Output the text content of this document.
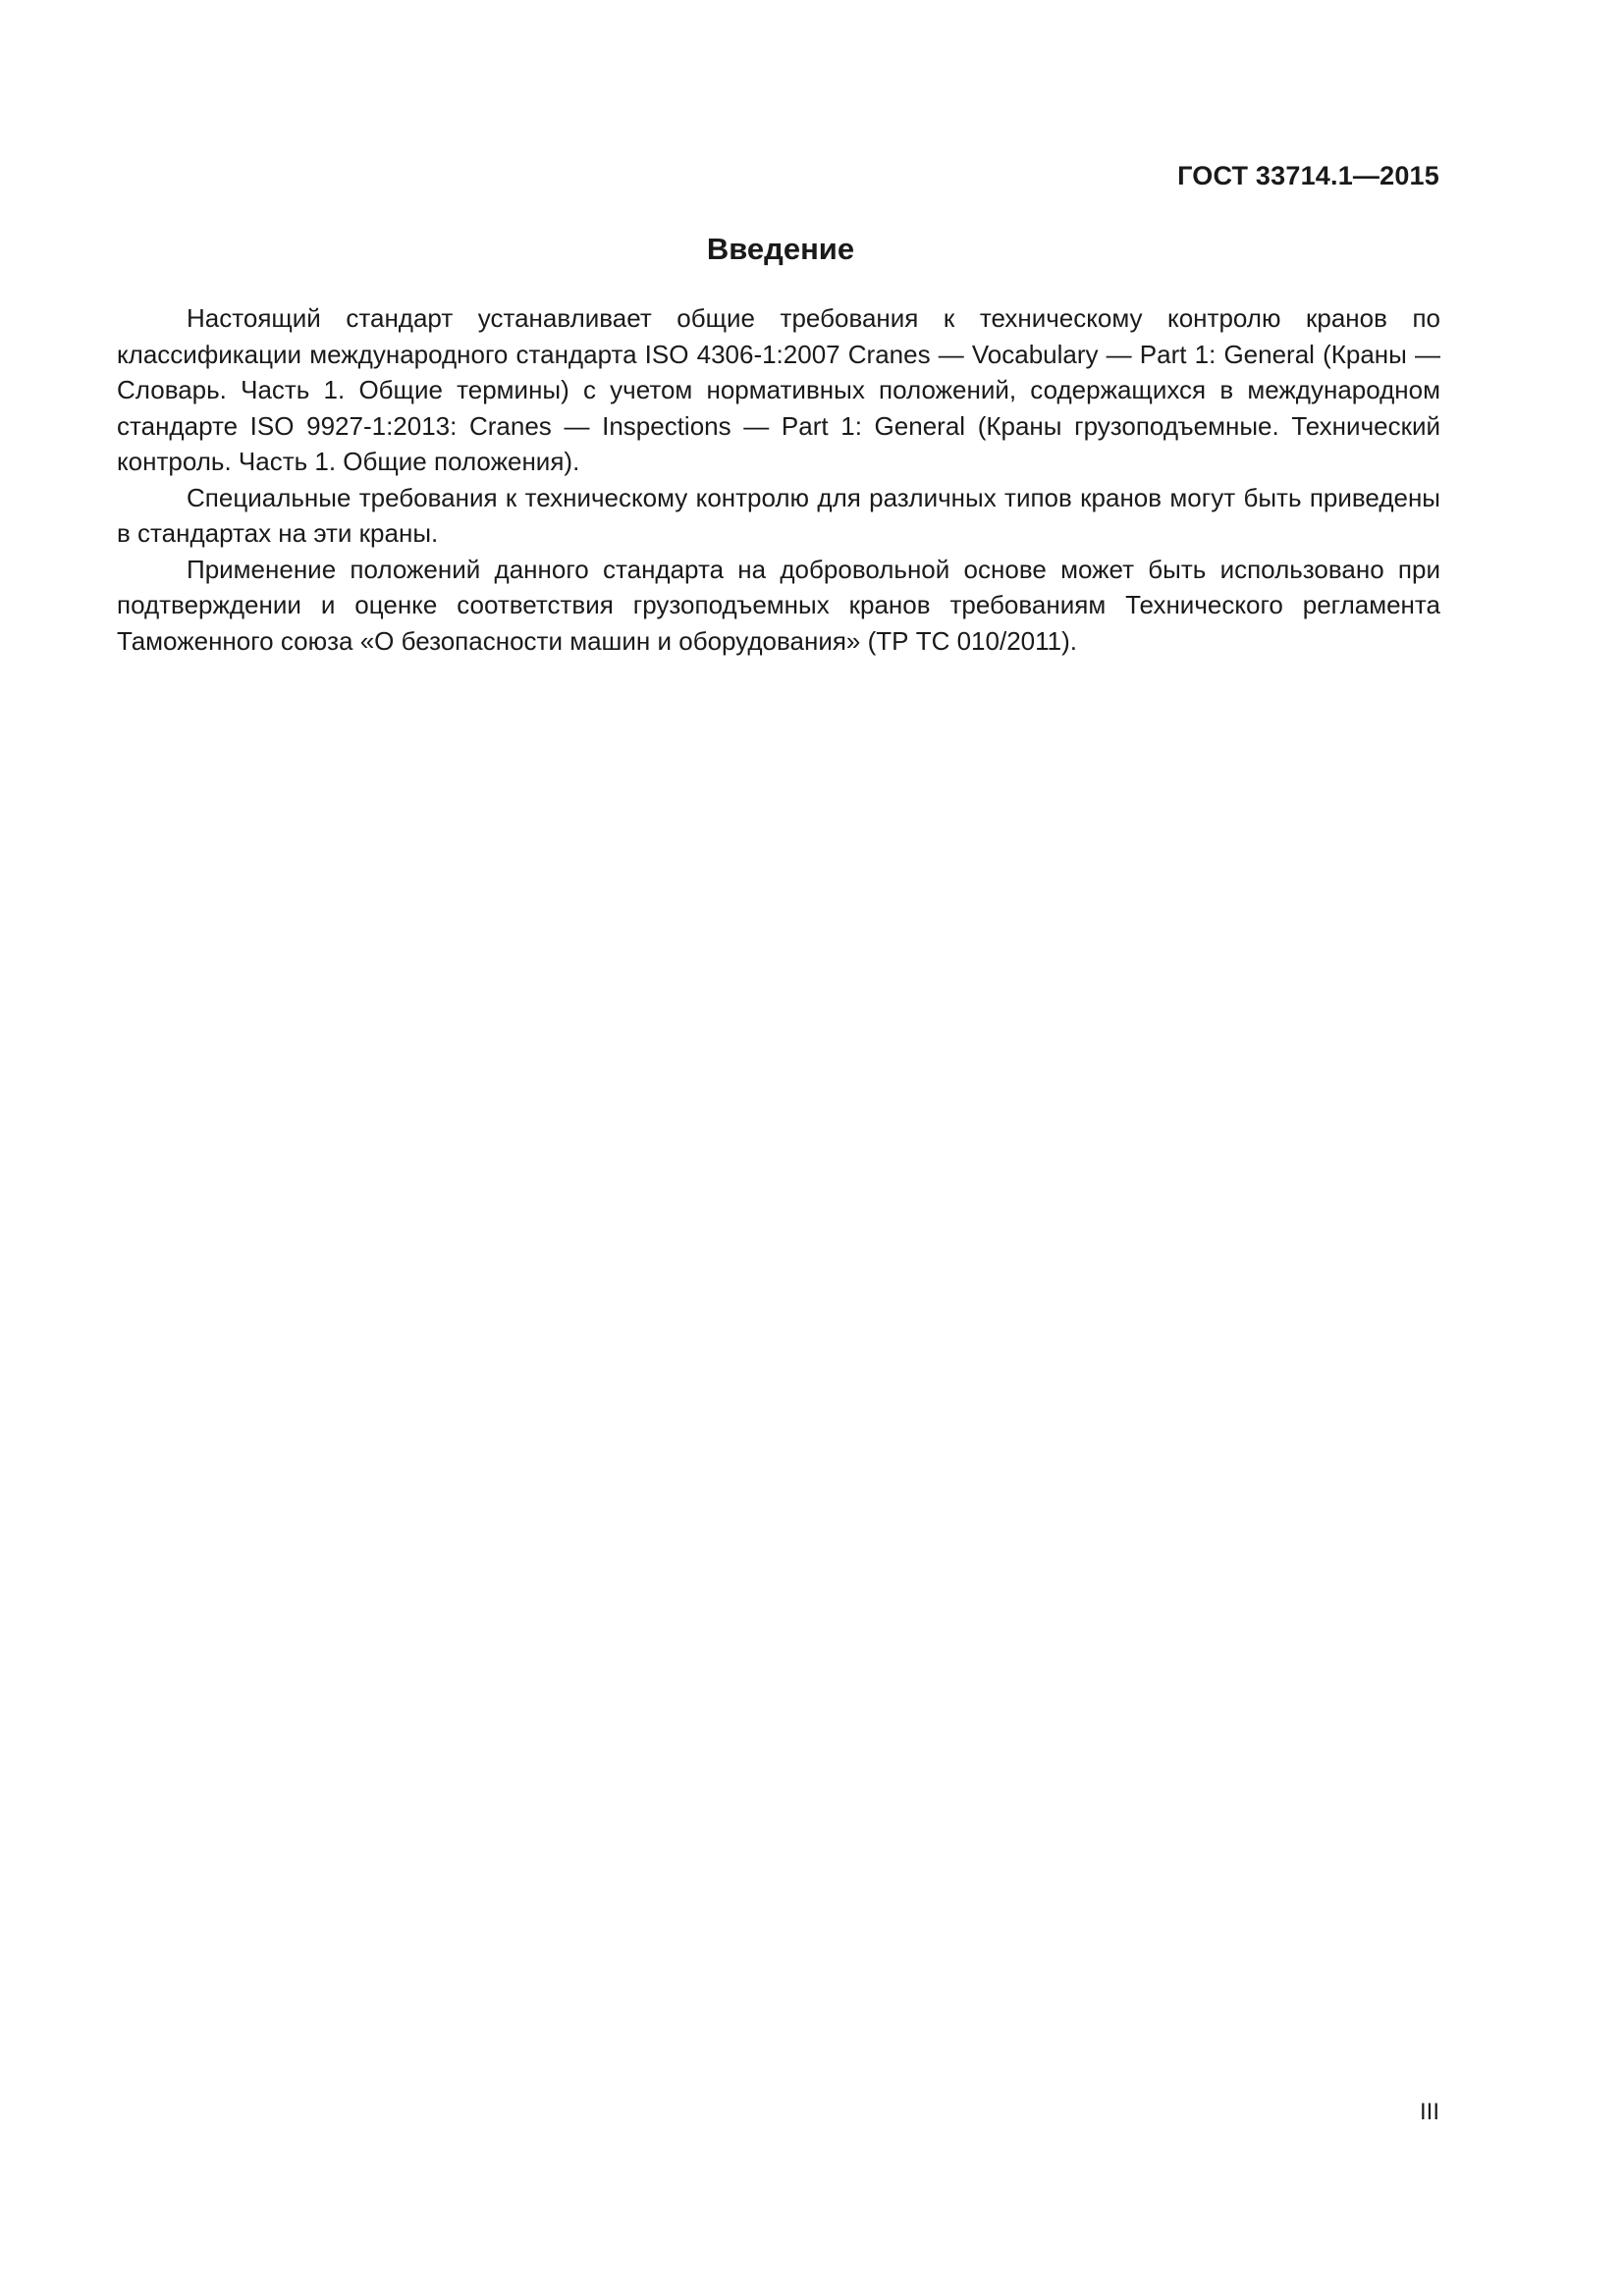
ГОСТ 33714.1—2015
Введение

Настоящий стандарт устанавливает общие требования к техническому контролю кранов по классификации международного стандарта ISO 4306-1:2007 Cranes — Vocabulary — Part 1: General (Краны — Словарь. Часть 1. Общие термины) с учетом нормативных положений, содержащихся в международном стандарте ISO 9927-1:2013: Cranes — Inspections — Part 1: General (Краны грузоподъемные. Технический контроль. Часть 1. Общие положения).

Специальные требования к техническому контролю для различных типов кранов могут быть приведены в стандартах на эти краны.

Применение положений данного стандарта на добровольной основе может быть использовано при подтверждении и оценке соответствия грузоподъемных кранов требованиям Технического регламента Таможенного союза «О безопасности машин и оборудования» (ТР ТС 010/2011).

III
